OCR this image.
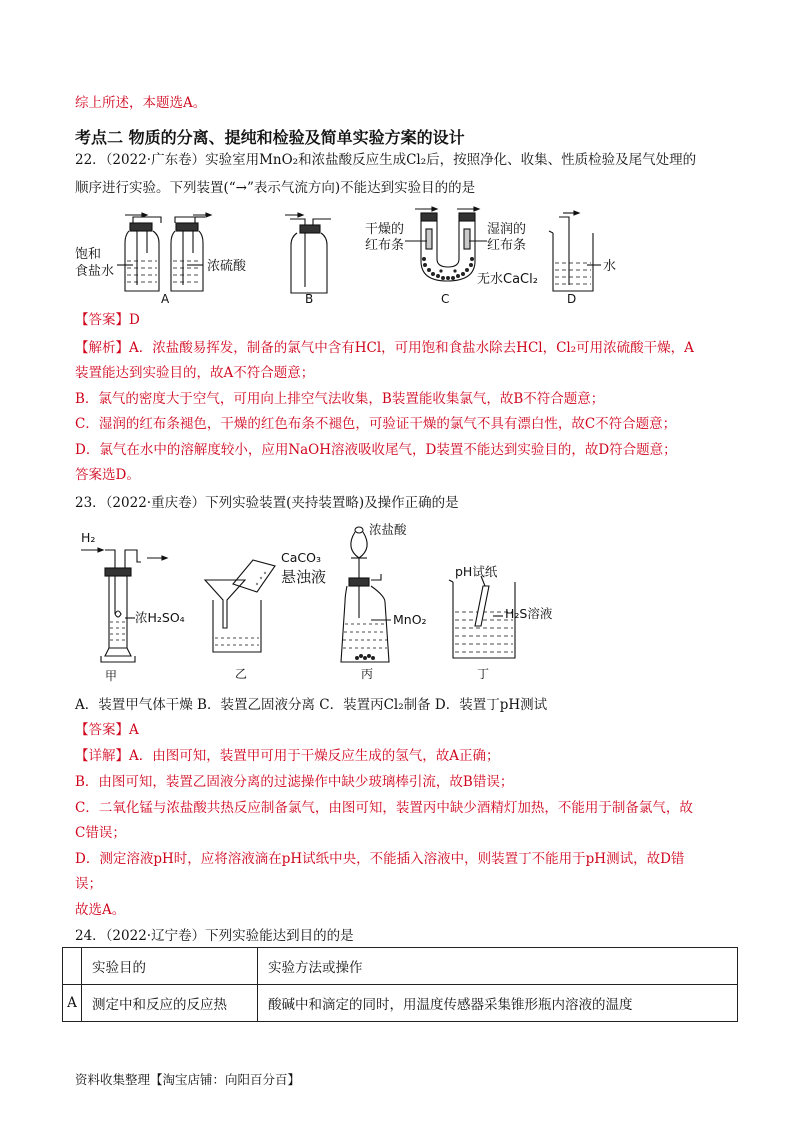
综上所述，本题选A。
考点二 物质的分离、提纯和检验及简单实验方案的设计
22．（2022·广东卷）实验室用MnO₂和浓盐酸反应生成Cl₂后，按照净化、收集、性质检验及尾气处理的
顺序进行实验。下列装置(“→”表示气流方向)不能达到实验目的的是
饱和
食盐水	浓硫酸
A	B
干燥的
红布条
湿润的
红布条
无水CaCl₂
C
水
D
【答案】D
【解析】A．浓盐酸易挥发，制备的氯气中含有HCl，可用饱和食盐水除去HCl，Cl₂可用浓硫酸干燥，A
装置能达到实验目的，故A不符合题意；
B．氯气的密度大于空气，可用向上排空气法收集，B装置能收集氯气，故B不符合题意；
C．湿润的红布条褪色，干燥的红色布条不褪色，可验证干燥的氯气不具有漂白性，故C不符合题意；
D．氯气在水中的溶解度较小，应用NaOH溶液吸收尾气，D装置不能达到实验目的，故D符合题意；
答案选D。
23．（2022·重庆卷）下列实验装置(夹持装置略)及操作正确的是
H₂
浓H₂SO₄
甲
CaCO₃
悬浊液
乙
浓盐酸
MnO₂
丙
pH试纸
H₂S溶液
丁
A．装置甲气体干燥 B．装置乙固液分离 C．装置丙Cl₂制备 D．装置丁pH测试
【答案】A
【详解】A．由图可知，装置甲可用于干燥反应生成的氢气，故A正确；
B．由图可知，装置乙固液分离的过滤操作中缺少玻璃棒引流，故B错误；
C．二氧化锰与浓盐酸共热反应制备氯气，由图可知，装置丙中缺少酒精灯加热，不能用于制备氯气，故
C错误；
D．测定溶液pH时，应将溶液滴在pH试纸中央，不能插入溶液中，则装置丁不能用于pH测试，故D错
误；
故选A。
24．（2022·辽宁卷）下列实验能达到目的的是
	实验目的	实验方法或操作
A	测定中和反应的反应热	酸碱中和滴定的同时，用温度传感器采集锥形瓶内溶液的温度
资料收集整理【淘宝店铺：向阳百分百】
